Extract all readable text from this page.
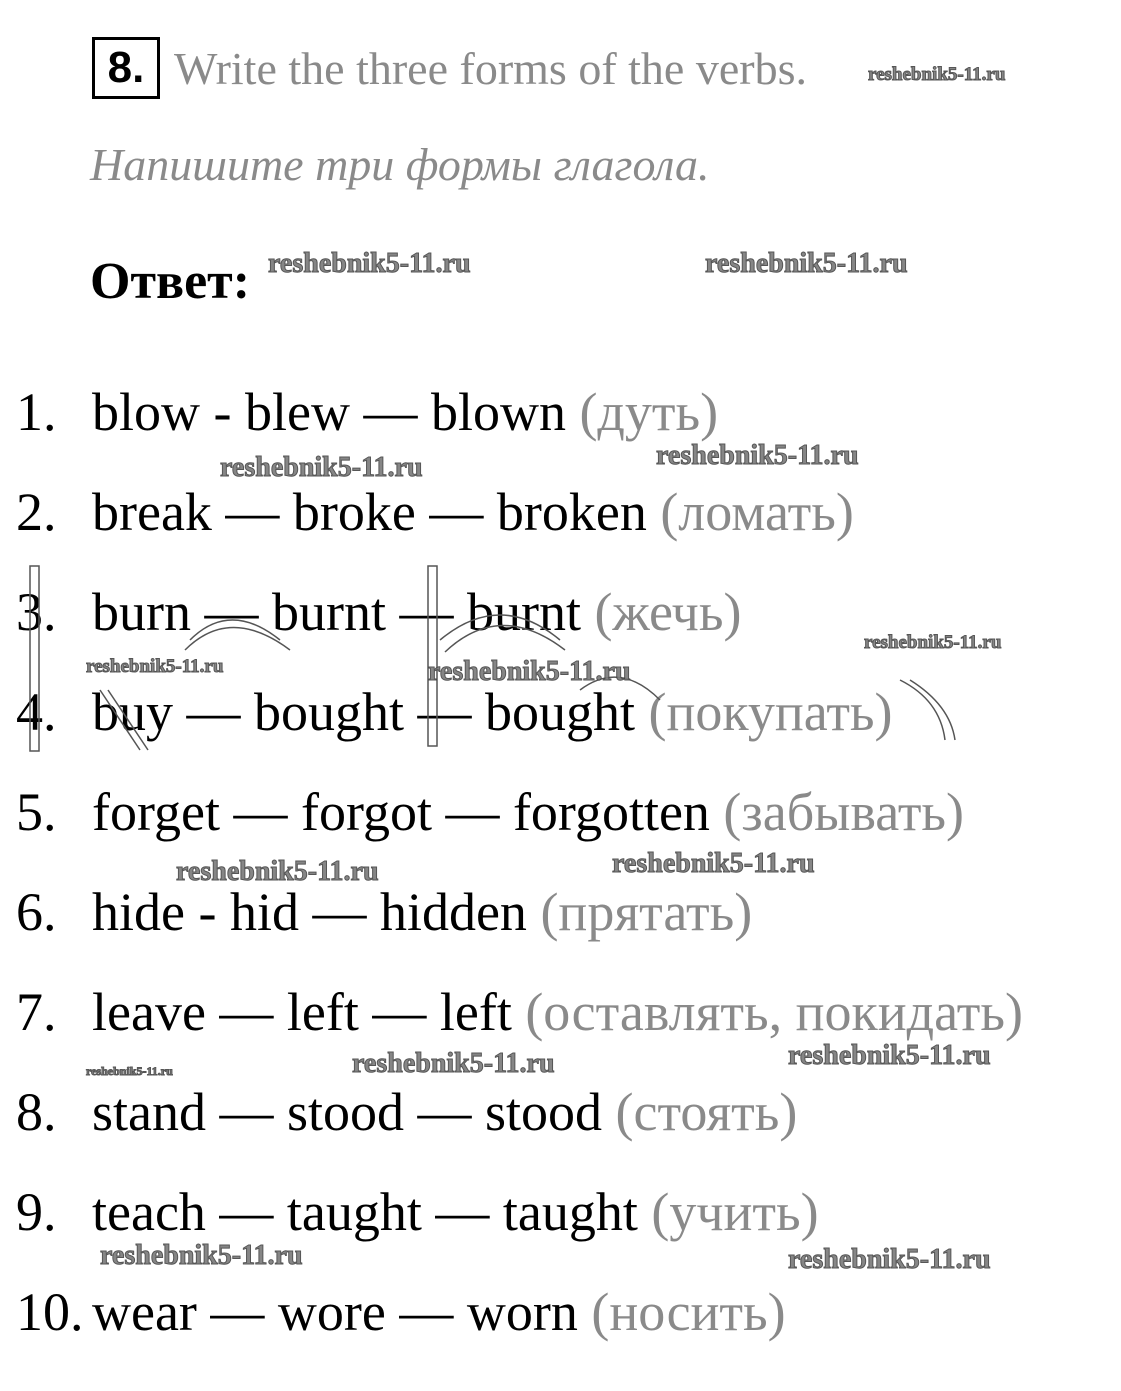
8. Write the three forms of the verbs.
Напишите три формы глагола.
Ответ:
1. blow - blew — blown (дуть)
2. break — broke — broken (ломать)
3. burn — burnt — burnt (жечь)
4. buy — bought — bought (покупать)
5. forget — forgot — forgotten (забывать)
6. hide - hid — hidden (прятать)
7. leave — left — left (оставлять, покидать)
8. stand — stood — stood (стоять)
9. teach — taught — taught (учить)
10. wear — wore — worn (носить)
reshebnik5-11.ru
reshebnik5-11.ru	reshebnik5-11.ru
reshebnik5-11.ru	reshebnik5-11.ru
reshebnik5-11.ru
reshebnik5-11.ru	reshebnik5-11.ru
reshebnik5-11.ru	reshebnik5-11.ru
reshebnik5-11.ru	reshebnik5-11.ru	reshebnik5-11.ru
reshebnik5-11.ru	reshebnik5-11.ru
